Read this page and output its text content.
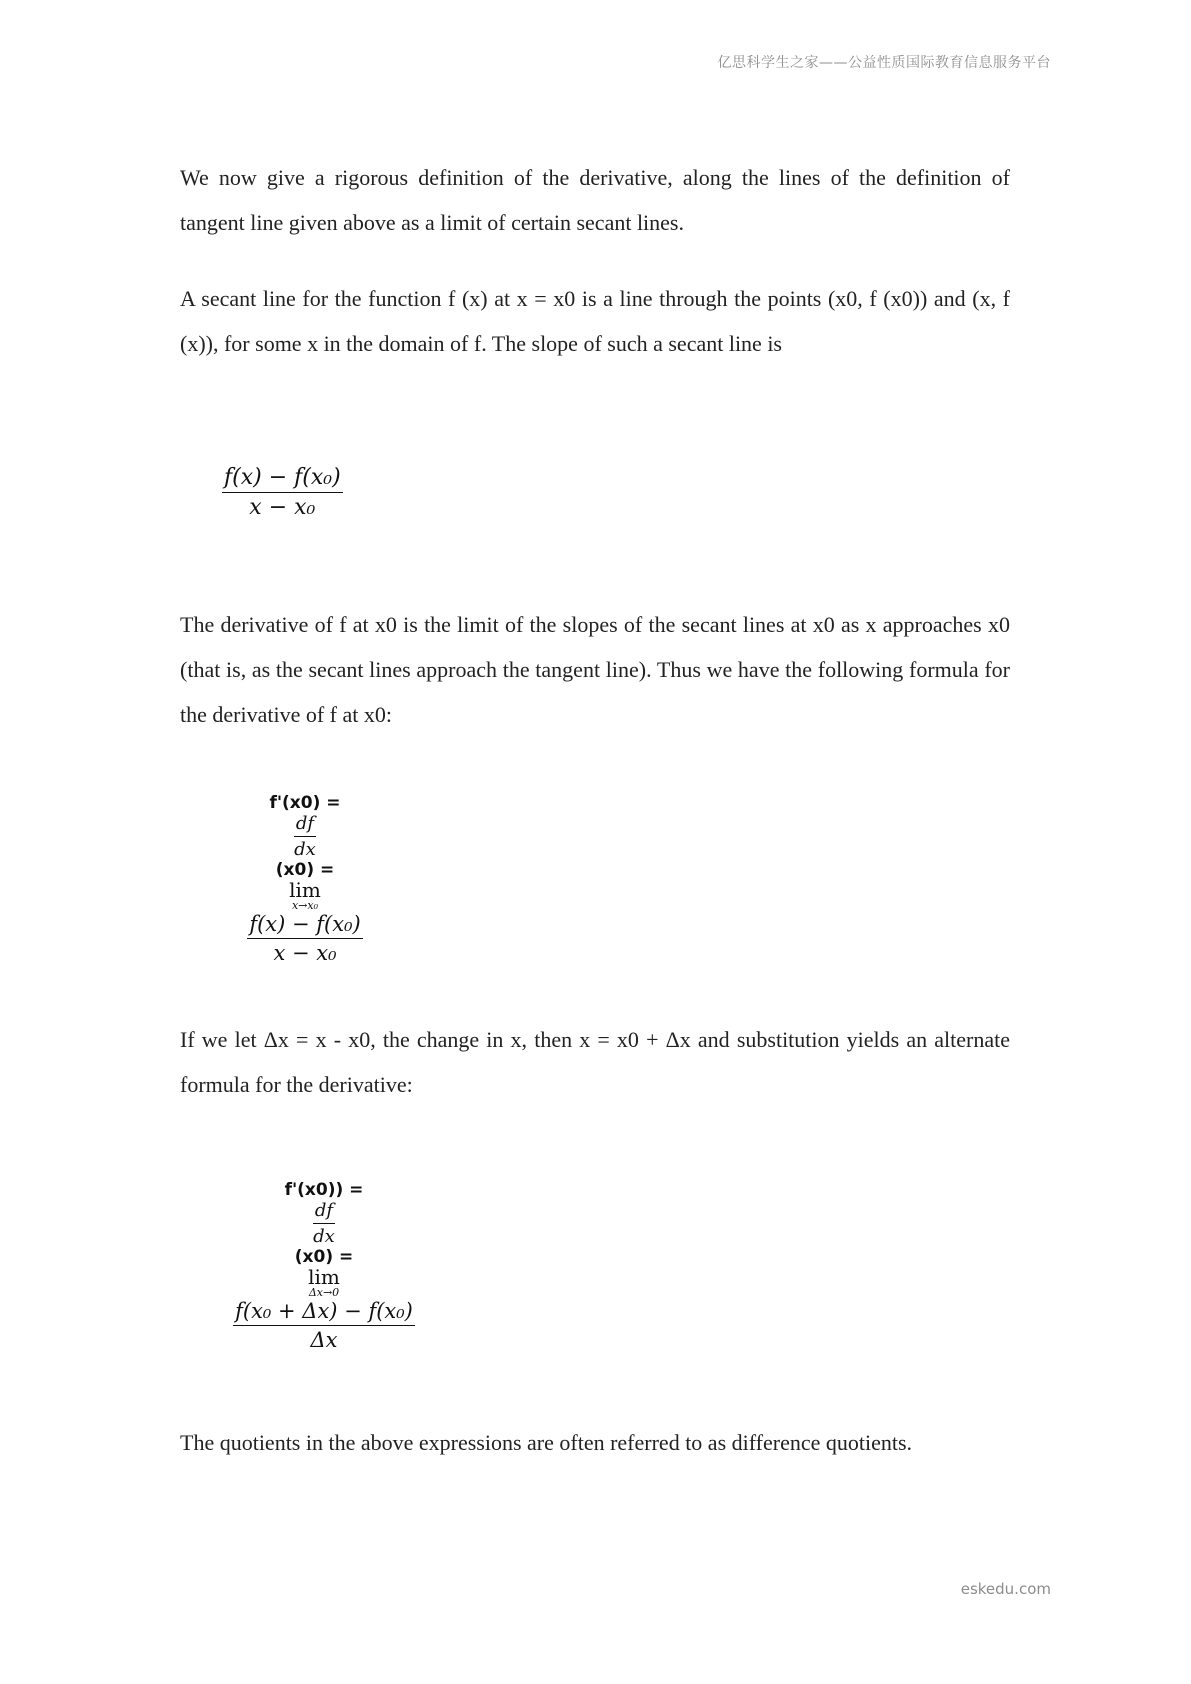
亿思科学生之家——公益性质国际教育信息服务平台

We now give a rigorous definition of the derivative, along the lines of the definition of tangent line given above as a limit of certain secant lines.

A secant line for the function f (x) at x = x0 is a line through the points (x0, f (x0)) and (x, f (x)), for some x in the domain of f. The slope of such a secant line is

$\frac{\text{f(x) − f(x₀)}}{\text{x − x₀}}$

The derivative of f at x0 is the limit of the slopes of the secant lines at x0 as x approaches x0 (that is, as the secant lines approach the tangent line). Thus we have the following formula for the derivative of f at x0:

f'(x0) =
$\frac{df}{dx}$
(x0) =
lim
x→x₀
$\frac{\text{f(x) − f(x₀)}}{\text{x − x₀}}$

If we let Δx = x - x0, the change in x, then x = x0 + Δx and substitution yields an alternate formula for the derivative:

f'(x0)) =
$\frac{df}{dx}$
(x0) =
lim
Δx→0
$\frac{\text{f(x₀ + Δx) − f(x₀)}}{\Delta x}$

The quotients in the above expressions are often referred to as difference quotients.

eskedu.com
